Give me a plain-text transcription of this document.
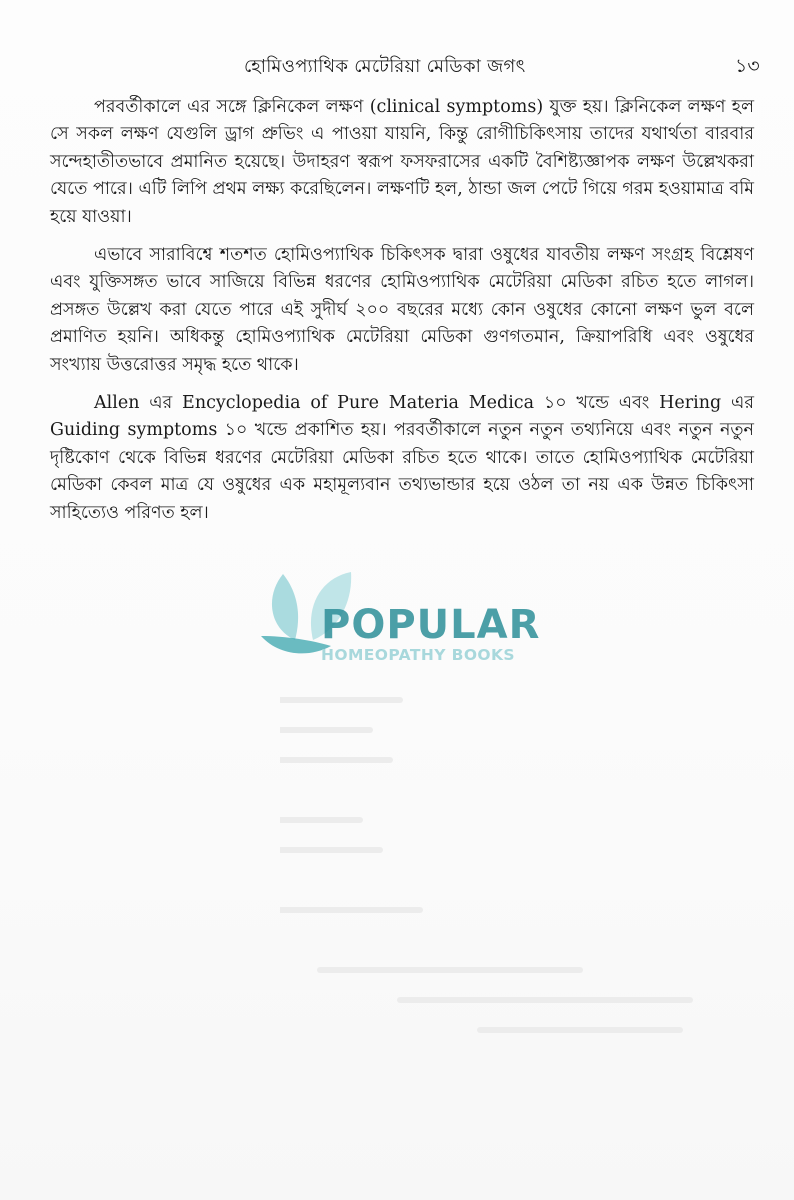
হোমিওপ্যাথিক মেটেরিয়া মেডিকা জগৎ	১৩

পরবর্তীকালে এর সঙ্গে ক্লিনিকেল লক্ষণ (clinical symptoms) যুক্ত হয়। ক্লিনিকেল লক্ষণ হল সে সকল লক্ষণ যেগুলি ড্রাগ প্রুভিং এ পাওয়া যায়নি, কিন্তু রোগীচিকিৎসায় তাদের যথার্থতা বারবার সন্দেহাতীতভাবে প্রমানিত হয়েছে। উদাহরণ স্বরূপ ফসফরাসের একটি বৈশিষ্ট্যজ্ঞাপক লক্ষণ উল্লেখকরা যেতে পারে। এটি লিপি প্রথম লক্ষ্য করেছিলেন। লক্ষণটি হল, ঠান্ডা জল পেটে গিয়ে গরম হওয়ামাত্র বমি হয়ে যাওয়া।

এভাবে সারাবিশ্বে শতশত হোমিওপ্যাথিক চিকিৎসক দ্বারা ওষুধের যাবতীয় লক্ষণ সংগ্রহ বিশ্লেষণ এবং যুক্তিসঙ্গত ভাবে সাজিয়ে বিভিন্ন ধরণের হোমিওপ্যাথিক মেটেরিয়া মেডিকা রচিত হতে লাগল। প্রসঙ্গত উল্লেখ করা যেতে পারে এই সুদীর্ঘ ২০০ বছরের মধ্যে কোন ওষুধের কোনো লক্ষণ ভুল বলে প্রমাণিত হয়নি। অধিকন্তু হোমিওপ্যাথিক মেটেরিয়া মেডিকা গুণগতমান, ক্রিয়াপরিধি এবং ওষুধের সংখ্যায় উত্তরোত্তর সমৃদ্ধ হতে থাকে।

Allen এর Encyclopedia of Pure Materia Medica ১০ খন্ডে এবং Hering এর Guiding symptoms ১০ খন্ডে প্রকাশিত হয়। পরবর্তীকালে নতুন নতুন তথ্যনিয়ে এবং নতুন নতুন দৃষ্টিকোণ থেকে বিভিন্ন ধরণের মেটেরিয়া মেডিকা রচিত হতে থাকে। তাতে হোমিওপ্যাথিক মেটেরিয়া মেডিকা কেবল মাত্র যে ওষুধের এক মহামূল্যবান তথ্যভান্ডার হয়ে ওঠল তা নয় এক উন্নত চিকিৎসা সাহিত্যেও পরিণত হল।

POPULAR
HOMEOPATHY BOOKS
